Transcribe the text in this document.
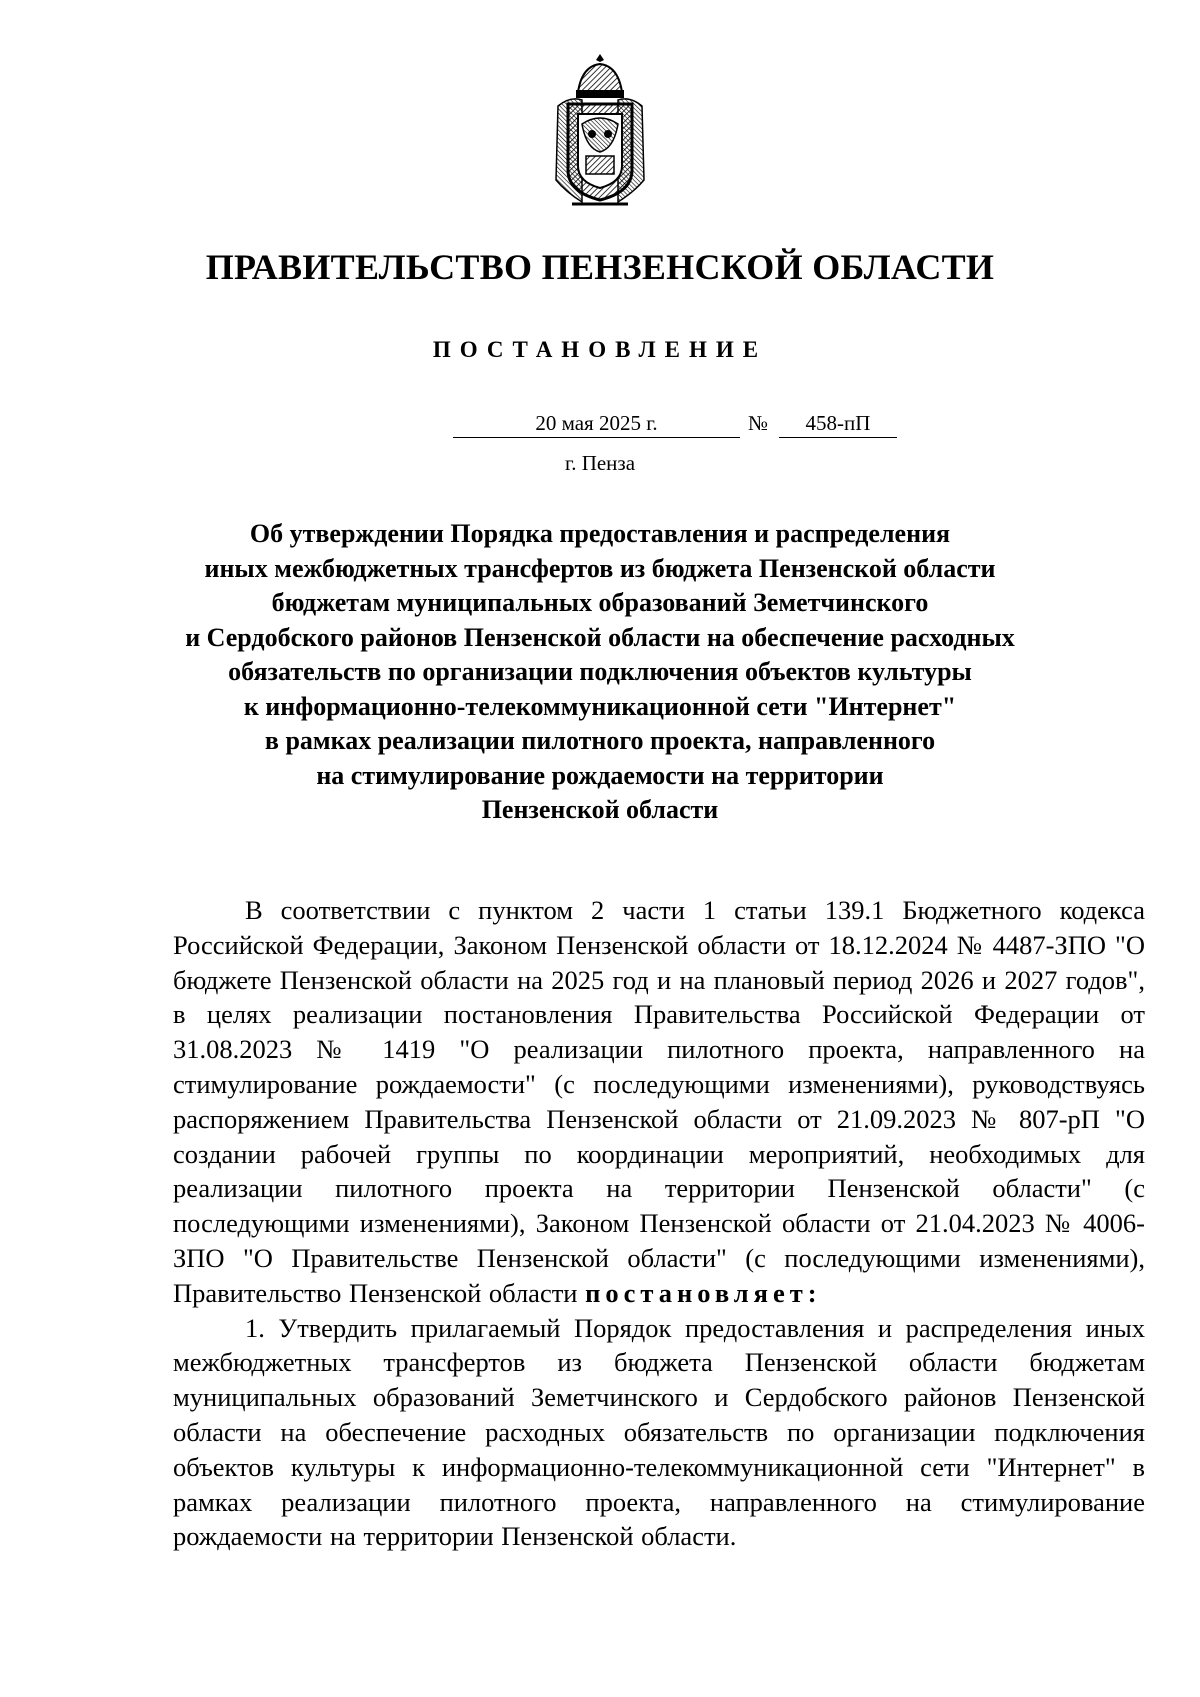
ПРАВИТЕЛЬСТВО ПЕНЗЕНСКОЙ ОБЛАСТИ
ПОСТАНОВЛЕНИЕ
20 мая 2025 г.	№	458-пП

г. Пенза

Об утверждении Порядка предоставления и распределения
иных межбюджетных трансфертов из бюджета Пензенской области
бюджетам муниципальных образований Земетчинского
и Сердобского районов Пензенской области на обеспечение расходных
обязательств по организации подключения объектов культуры
к информационно-телекоммуникационной сети "Интернет"
в рамках реализации пилотного проекта, направленного
на стимулирование рождаемости на территории
Пензенской области

В соответствии с пунктом 2 части 1 статьи 139.1 Бюджетного кодекса Российской Федерации, Законом Пензенской области от 18.12.2024 № 4487-ЗПО "О бюджете Пензенской области на 2025 год и на плановый период 2026 и 2027 годов", в целях реализации постановления Правительства Российской Федерации от 31.08.2023 № 1419 "О реализации пилотного проекта, направленного на стимулирование рождаемости" (с последующими изменениями), руководствуясь распоряжением Правительства Пензенской области от 21.09.2023 № 807-рП "О создании рабочей группы по координации мероприятий, необходимых для реализации пилотного проекта на территории Пензенской области" (с последующими изменениями), Законом Пензенской области от 21.04.2023 № 4006-ЗПО "О Правительстве Пензенской области" (с последующими изменениями), Правительство Пензенской области постановляет:

1. Утвердить прилагаемый Порядок предоставления и распределения иных межбюджетных трансфертов из бюджета Пензенской области бюджетам муниципальных образований Земетчинского и Сердобского районов Пензенской области на обеспечение расходных обязательств по организации подключения объектов культуры к информационно-телекоммуникационной сети "Интернет" в рамках реализации пилотного проекта, направленного на стимулирование рождаемости на территории Пензенской области.
